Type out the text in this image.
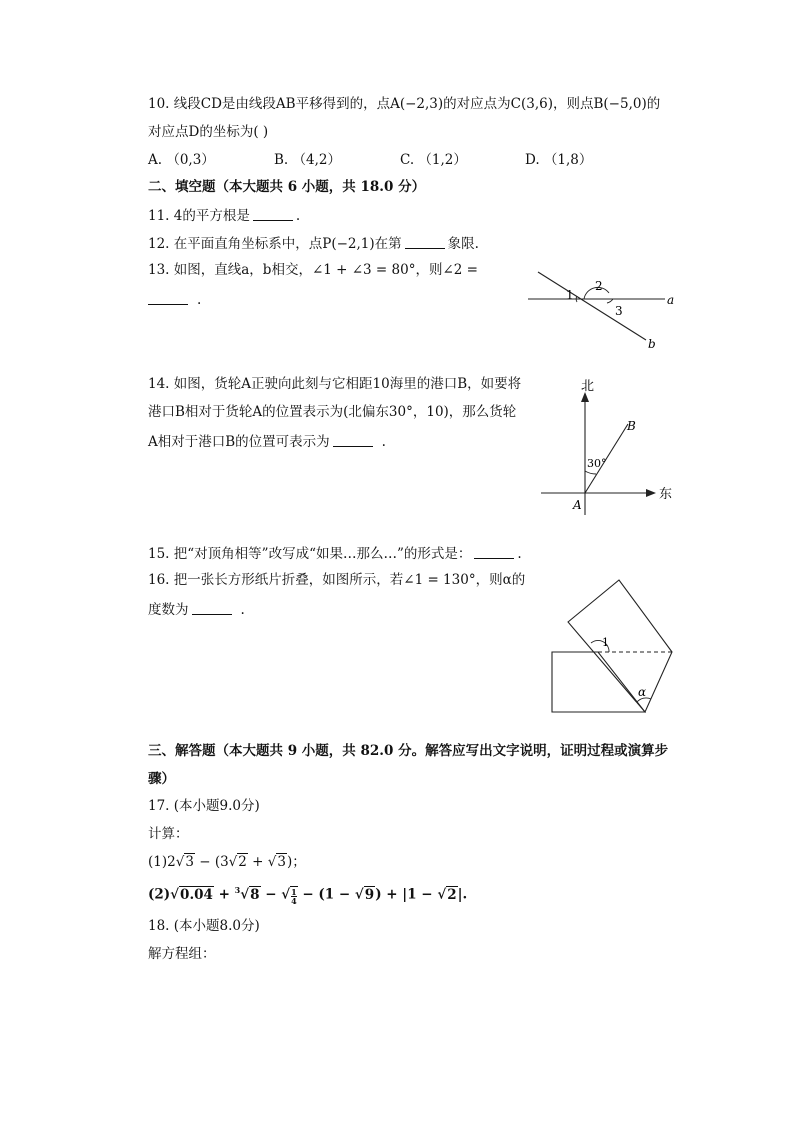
10. 线段CD是由线段AB平移得到的，点A(−2,3)的对应点为C(3,6)，则点B(−5,0)的
对应点D的坐标为( )
A. （0,3）	B. （4,2）	C. （1,2）	D. （1,8）
二、填空题（本大题共 6 小题，共 18.0 分）
11. 4的平方根是	.
12. 在平面直角坐标系中，点P(−2,1)在第	象限.
13. 如图，直线a，b相交，∠1 + ∠3 = 80°，则∠2 =
.	1
2
3
a
b
14. 如图，货轮A正驶向此刻与它相距10海里的港口B，如要将
港口B相对于货轮A的位置表示为(北偏东30°，10)，那么货轮
A相对于港口B的位置可表示为	.
北
东
A
B
30°
15. 把“对顶角相等”改写成“如果…那么…”的形式是：	.
16. 把一张长方形纸片折叠，如图所示，若∠1 = 130°，则α的
度数为	.
1
α
三、解答题（本大题共 9 小题，共 82.0 分。解答应写出文字说明，证明过程或演算步
骤）
17. (本小题9.0分)
计算：
(1)2√3 − (3√2 + √3)；
(2)√0.04 + $^3$√8 − √ $\frac{1}{4} - (1 - √9) + |1 - √2|$.
18. (本小题8.0分)
解方程组：
